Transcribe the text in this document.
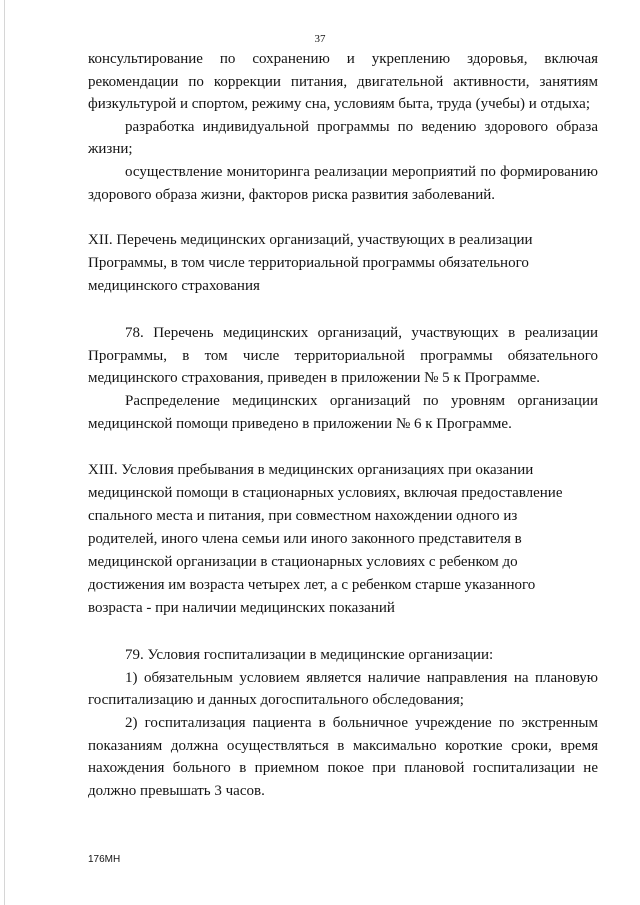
37

консультирование по сохранению и укреплению здоровья, включая рекомендации по коррекции питания, двигательной активности, занятиям физкультурой и спортом, режиму сна, условиям быта, труда (учебы) и отдыха;

разработка индивидуальной программы по ведению здорового образа жизни;

осуществление мониторинга реализации мероприятий по формированию здорового образа жизни, факторов риска развития заболеваний.

XII. Перечень медицинских организаций, участвующих в реализации

Программы, в том числе территориальной программы обязательного

медицинского страхования

78. Перечень медицинских организаций, участвующих в реализации Программы, в том числе территориальной программы обязательного медицинского страхования, приведен в приложении № 5 к Программе.

Распределение медицинских организаций по уровням организации медицинской помощи приведено в приложении № 6 к Программе.

XIII. Условия пребывания в медицинских организациях при оказании

медицинской помощи в стационарных условиях, включая предоставление

спального места и питания, при совместном нахождении одного из

родителей, иного члена семьи или иного законного представителя в

медицинской организации в стационарных условиях с ребенком до

достижения им возраста четырех лет, а с ребенком старше указанного

возраста - при наличии медицинских показаний

79. Условия госпитализации в медицинские организации:

1) обязательным условием является наличие направления на плановую госпитализацию и данных догоспитального обследования;

2) госпитализация пациента в больничное учреждение по экстренным показаниям должна осуществляться в максимально короткие сроки, время нахождения больного в приемном покое при плановой госпитализации не должно превышать 3 часов.

176МН
